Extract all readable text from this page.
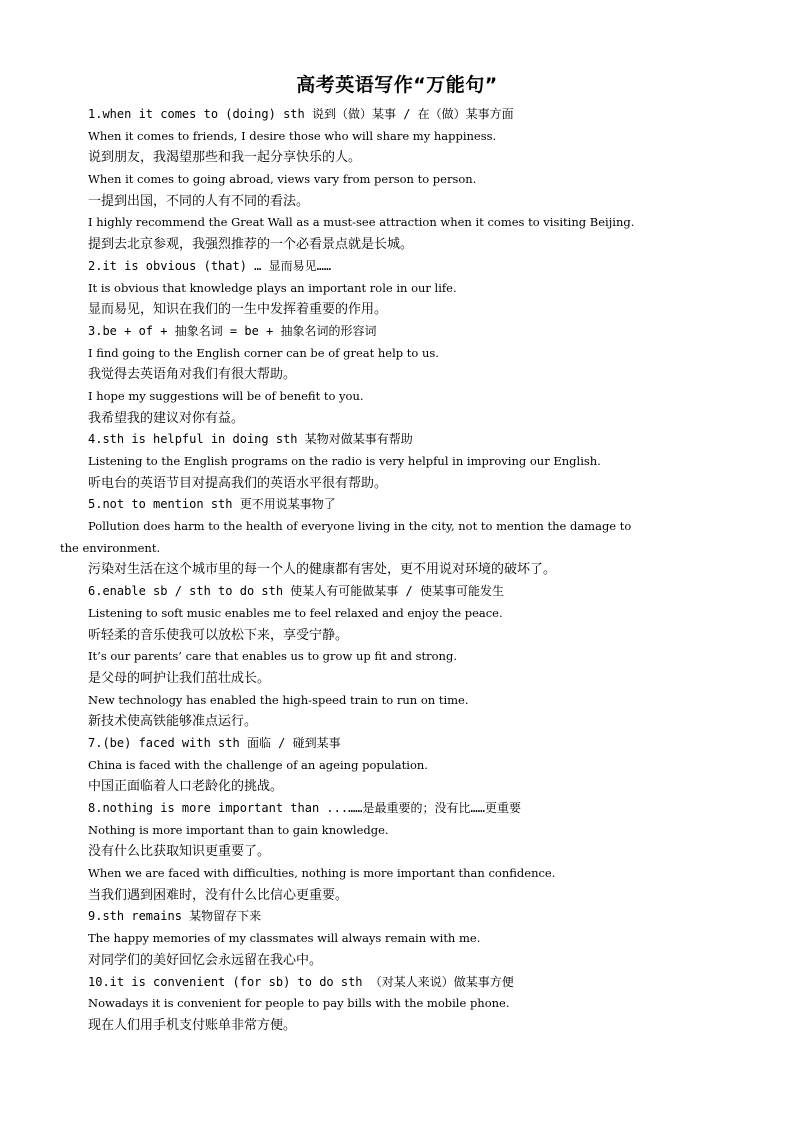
高考英语写作“万能句”
1.when it comes to (doing) sth 说到（做）某事 / 在（做）某事方面
When it comes to friends, I desire those who will share my happiness.
说到朋友，我渴望那些和我一起分享快乐的人。
When it comes to going abroad, views vary from person to person.
一提到出国，不同的人有不同的看法。
I highly recommend the Great Wall as a must-see attraction when it comes to visiting Beijing.
提到去北京参观，我强烈推荐的一个必看景点就是长城。
2.it is obvious (that) … 显而易见……
It is obvious that knowledge plays an important role in our life.
显而易见，知识在我们的一生中发挥着重要的作用。
3.be + of + 抽象名词 = be + 抽象名词的形容词
I find going to the English corner can be of great help to us.
我觉得去英语角对我们有很大帮助。
I hope my suggestions will be of benefit to you.
我希望我的建议对你有益。
4.sth is helpful in doing sth 某物对做某事有帮助
Listening to the English programs on the radio is very helpful in improving our English.
听电台的英语节目对提高我们的英语水平很有帮助。
5.not to mention sth 更不用说某事物了
Pollution does harm to the health of everyone living in the city, not to mention the damage to
the environment.
污染对生活在这个城市里的每一个人的健康都有害处，更不用说对环境的破坏了。
6.enable sb / sth to do sth 使某人有可能做某事 / 使某事可能发生
Listening to soft music enables me to feel relaxed and enjoy the peace.
听轻柔的音乐使我可以放松下来，享受宁静。
It’s our parents’ care that enables us to grow up fit and strong.
是父母的呵护让我们茁壮成长。
New technology has enabled the high-speed train to run on time.
新技术使高铁能够准点运行。
7.(be) faced with sth 面临 / 碰到某事
China is faced with the challenge of an ageing population.
中国正面临着人口老龄化的挑战。
8.nothing is more important than ...……是最重要的；没有比……更重要
Nothing is more important than to gain knowledge.
没有什么比获取知识更重要了。
When we are faced with difficulties, nothing is more important than confidence.
当我们遇到困难时，没有什么比信心更重要。
9.sth remains 某物留存下来
The happy memories of my classmates will always remain with me.
对同学们的美好回忆会永远留在我心中。
10.it is convenient (for sb) to do sth （对某人来说）做某事方便
Nowadays it is convenient for people to pay bills with the mobile phone.
现在人们用手机支付账单非常方便。
